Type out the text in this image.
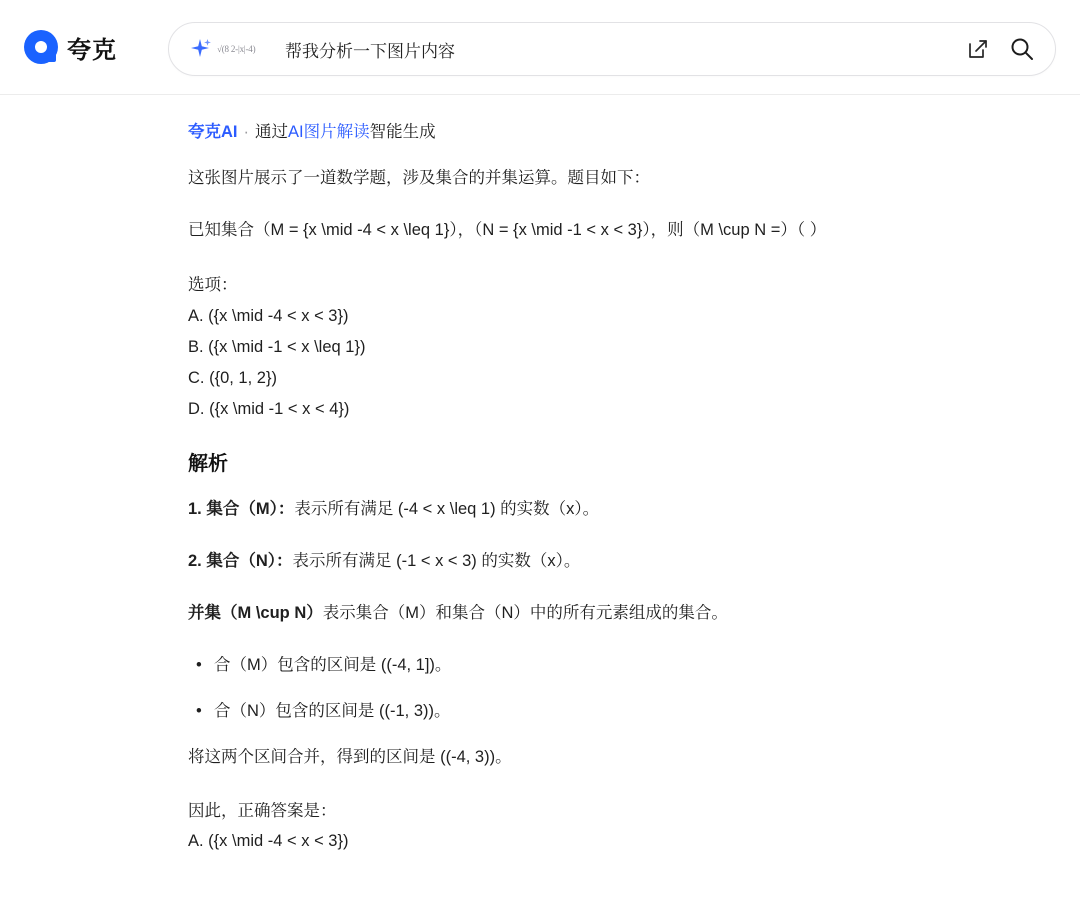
夸克	√(8 2-|x|-4)	帮我分析一下图片内容
夸克AI · 通过AI图片解读智能生成

这张图片展示了一道数学题，涉及集合的并集运算。题目如下：

已知集合（M = {x \mid -4 < x \leq 1}），（N = {x \mid -1 < x < 3}），则（M \cup N =）（ ）

选项：
A. ({x \mid -4 < x < 3})
B. ({x \mid -1 < x \leq 1})
C. ({0, 1, 2})
D. ({x \mid -1 < x < 4})
解析
1. 集合（M）：表示所有满足 (-4 < x \leq 1) 的实数（x）。
2. 集合（N）：表示所有满足 (-1 < x < 3) 的实数（x）。
并集（M \cup N）表示集合（M）和集合（N）中的所有元素组成的集合。
• 合（M）包含的区间是 ((-4, 1])。
• 合（N）包含的区间是 ((-1, 3))。

将这两个区间合并，得到的区间是 ((-4, 3))。

因此，正确答案是：
A. ({x \mid -4 < x < 3})
